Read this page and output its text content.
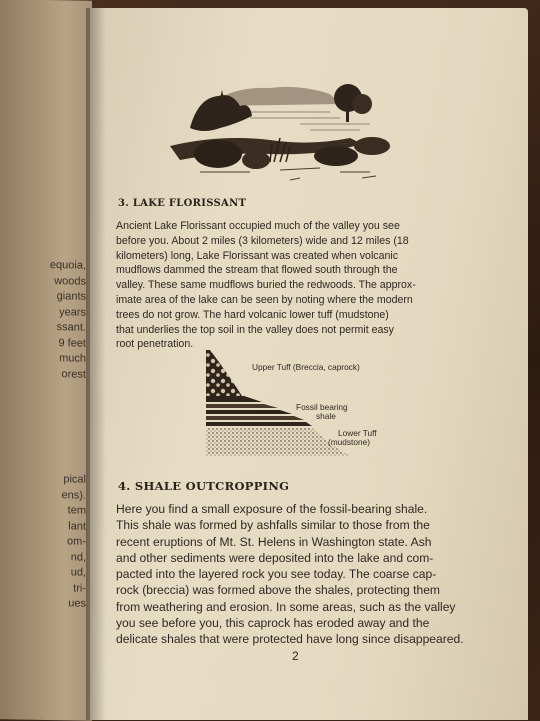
equoia,
woods
giants
years
ssant.
9 feet
much
orest
pical
ens).
tem
lant
om-
nd,
ud,
tri-
ues
3. LAKE FLORISSANT
Ancient Lake Florissant occupied much of the valley you see
before you. About 2 miles (3 kilometers) wide and 12 miles (18
kilometers) long, Lake Florissant was created when volcanic
mudflows dammed the stream that flowed south through the
valley. These same mudflows buried the redwoods. The approx-
imate area of the lake can be seen by noting where the modern
trees do not grow. The hard volcanic lower tuff (mudstone)
that underlies the top soil in the valley does not permit easy
root penetration.
Upper Tuff (Breccia, caprock)
Fossil bearing
shale
Lower Tuff
(mudstone)
4. SHALE OUTCROPPING
Here you find a small exposure of the fossil-bearing shale.
This shale was formed by ashfalls similar to those from the
recent eruptions of Mt. St. Helens in Washington state. Ash
and other sediments were deposited into the lake and com-
pacted into the layered rock you see today. The coarse cap-
rock (breccia) was formed above the shales, protecting them
from weathering and erosion. In some areas, such as the valley
you see before you, this caprock has eroded away and the
delicate shales that were protected have long since disappeared.
2
